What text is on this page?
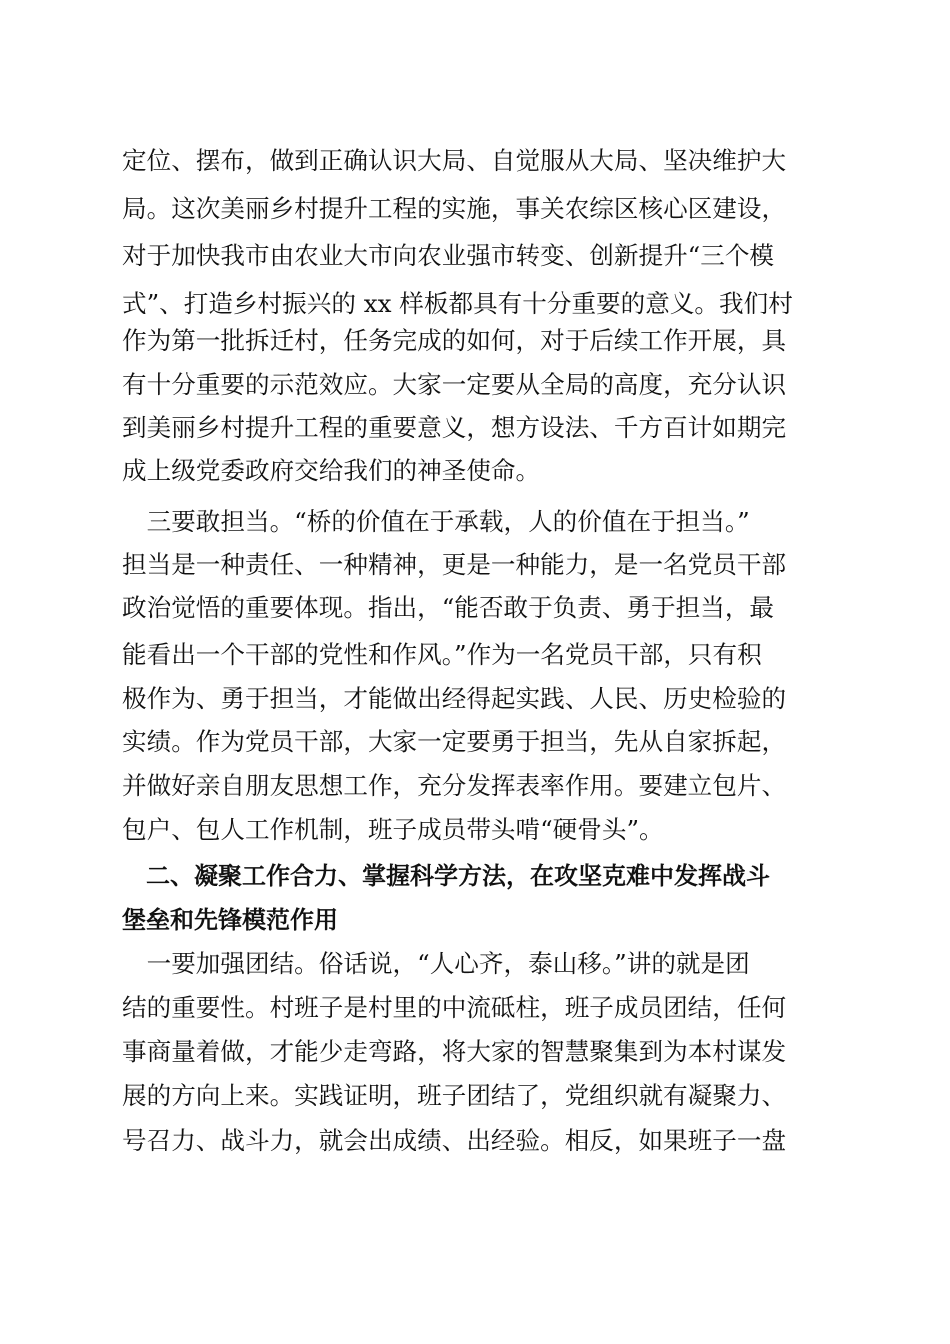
定位、摆布，做到正确认识大局、自觉服从大局、坚决维护大
局。这次美丽乡村提升工程的实施，事关农综区核心区建设，
对于加快我市由农业大市向农业强市转变、创新提升“三个模
式”、打造乡村振兴的 xx 样板都具有十分重要的意义。我们村
作为第一批拆迁村，任务完成的如何，对于后续工作开展，具
有十分重要的示范效应。大家一定要从全局的高度，充分认识
到美丽乡村提升工程的重要意义，想方设法、千方百计如期完
成上级党委政府交给我们的神圣使命。
　三要敢担当。“桥的价值在于承载，人的价值在于担当。”
担当是一种责任、一种精神，更是一种能力，是一名党员干部
政治觉悟的重要体现。指出，“能否敢于负责、勇于担当，最
能看出一个干部的党性和作风。”作为一名党员干部，只有积
极作为、勇于担当，才能做出经得起实践、人民、历史检验的
实绩。作为党员干部，大家一定要勇于担当，先从自家拆起，
并做好亲自朋友思想工作，充分发挥表率作用。要建立包片、
包户、包人工作机制，班子成员带头啃“硬骨头”。
　二、凝聚工作合力、掌握科学方法，在攻坚克难中发挥战斗
堡垒和先锋模范作用
　一要加强团结。俗话说，“人心齐，泰山移。”讲的就是团
结的重要性。村班子是村里的中流砥柱，班子成员团结，任何
事商量着做，才能少走弯路，将大家的智慧聚集到为本村谋发
展的方向上来。实践证明，班子团结了，党组织就有凝聚力、
号召力、战斗力，就会出成绩、出经验。相反，如果班子一盘
